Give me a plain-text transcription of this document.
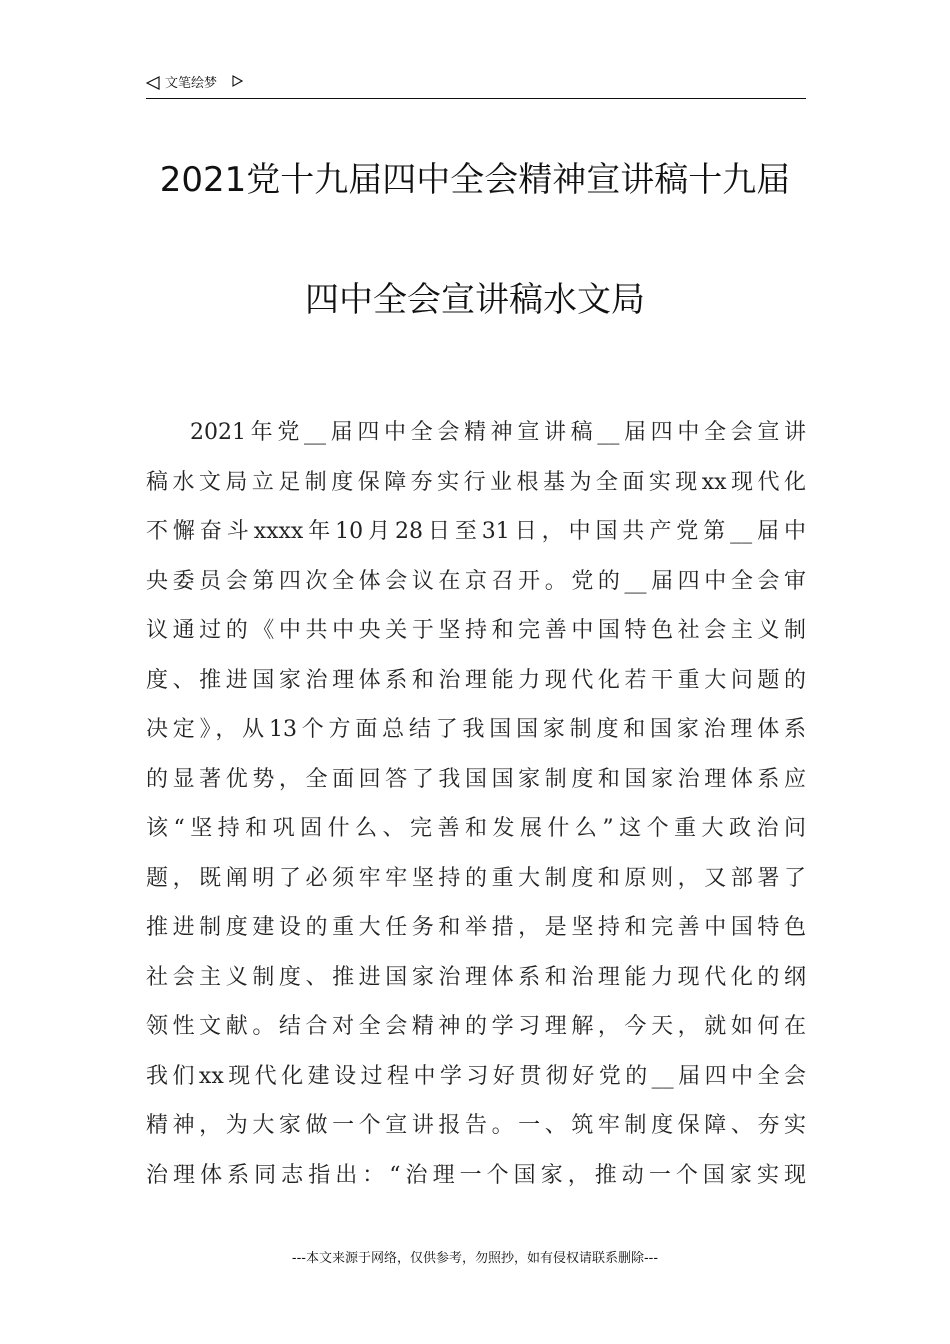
文笔绘梦
2021党十九届四中全会精神宣讲稿十九届
四中全会宣讲稿水文局
2021年党__届四中全会精神宣讲稿__届四中全会宣讲
稿水文局立足制度保障夯实行业根基为全面实现xx现代化
不懈奋斗xxxx年10月28日至31日，中国共产党第__届中
央委员会第四次全体会议在京召开。党的__届四中全会审
议通过的《中共中央关于坚持和完善中国特色社会主义制
度、推进国家治理体系和治理能力现代化若干重大问题的
决定》，从13个方面总结了我国国家制度和国家治理体系
的显著优势，全面回答了我国国家制度和国家治理体系应
该“坚持和巩固什么、完善和发展什么”这个重大政治问
题，既阐明了必须牢牢坚持的重大制度和原则，又部署了
推进制度建设的重大任务和举措，是坚持和完善中国特色
社会主义制度、推进国家治理体系和治理能力现代化的纲
领性文献。结合对全会精神的学习理解，今天，就如何在
我们xx现代化建设过程中学习好贯彻好党的__届四中全会
精神，为大家做一个宣讲报告。一、筑牢制度保障、夯实
治理体系同志指出：“治理一个国家，推动一个国家实现
---本文来源于网络，仅供参考，勿照抄，如有侵权请联系删除---
